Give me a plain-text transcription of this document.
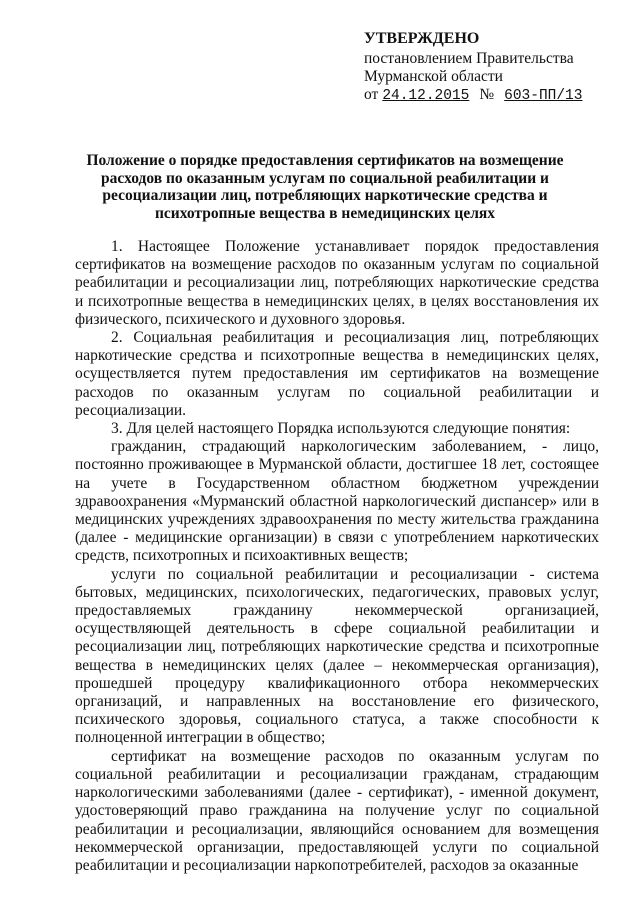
УТВЕРЖДЕНО
постановлением Правительства
Мурманской области
от 24.12.2015 № 603-ПП/13
Положение о порядке предоставления сертификатов на возмещение расходов по оказанным услугам по социальной реабилитации и ресоциализации лиц, потребляющих наркотические средства и психотропные вещества в немедицинских целях

1. Настоящее Положение устанавливает порядок предоставления сертификатов на возмещение расходов по оказанным услугам по социальной реабилитации и ресоциализации лиц, потребляющих наркотические средства и психотропные вещества в немедицинских целях, в целях восстановления их физического, психического и духовного здоровья.

2. Социальная реабилитация и ресоциализация лиц, потребляющих наркотические средства и психотропные вещества в немедицинских целях, осуществляется путем предоставления им сертификатов на возмещение расходов по оказанным услугам по социальной реабилитации и ресоциализации.

3. Для целей настоящего Порядка используются следующие понятия:

гражданин, страдающий наркологическим заболеванием, - лицо, постоянно проживающее в Мурманской области, достигшее 18 лет, состоящее на учете в Государственном областном бюджетном учреждении здравоохранения «Мурманский областной наркологический диспансер» или в медицинских учреждениях здравоохранения по месту жительства гражданина (далее - медицинские организации) в связи с употреблением наркотических средств, психотропных и психоактивных веществ;

услуги по социальной реабилитации и ресоциализации - система бытовых, медицинских, психологических, педагогических, правовых услуг, предоставляемых гражданину некоммерческой организацией, осуществляющей деятельность в сфере социальной реабилитации и ресоциализации лиц, потребляющих наркотические средства и психотропные вещества в немедицинских целях (далее – некоммерческая организация), прошедшей процедуру квалификационного отбора некоммерческих организаций, и направленных на восстановление его физического, психического здоровья, социального статуса, а также способности к полноценной интеграции в общество;

сертификат на возмещение расходов по оказанным услугам по социальной реабилитации и ресоциализации гражданам, страдающим наркологическими заболеваниями (далее - сертификат), - именной документ, удостоверяющий право гражданина на получение услуг по социальной реабилитации и ресоциализации, являющийся основанием для возмещения некоммерческой организации, предоставляющей услуги по социальной реабилитации и ресоциализации наркопотребителей, расходов за оказанные
